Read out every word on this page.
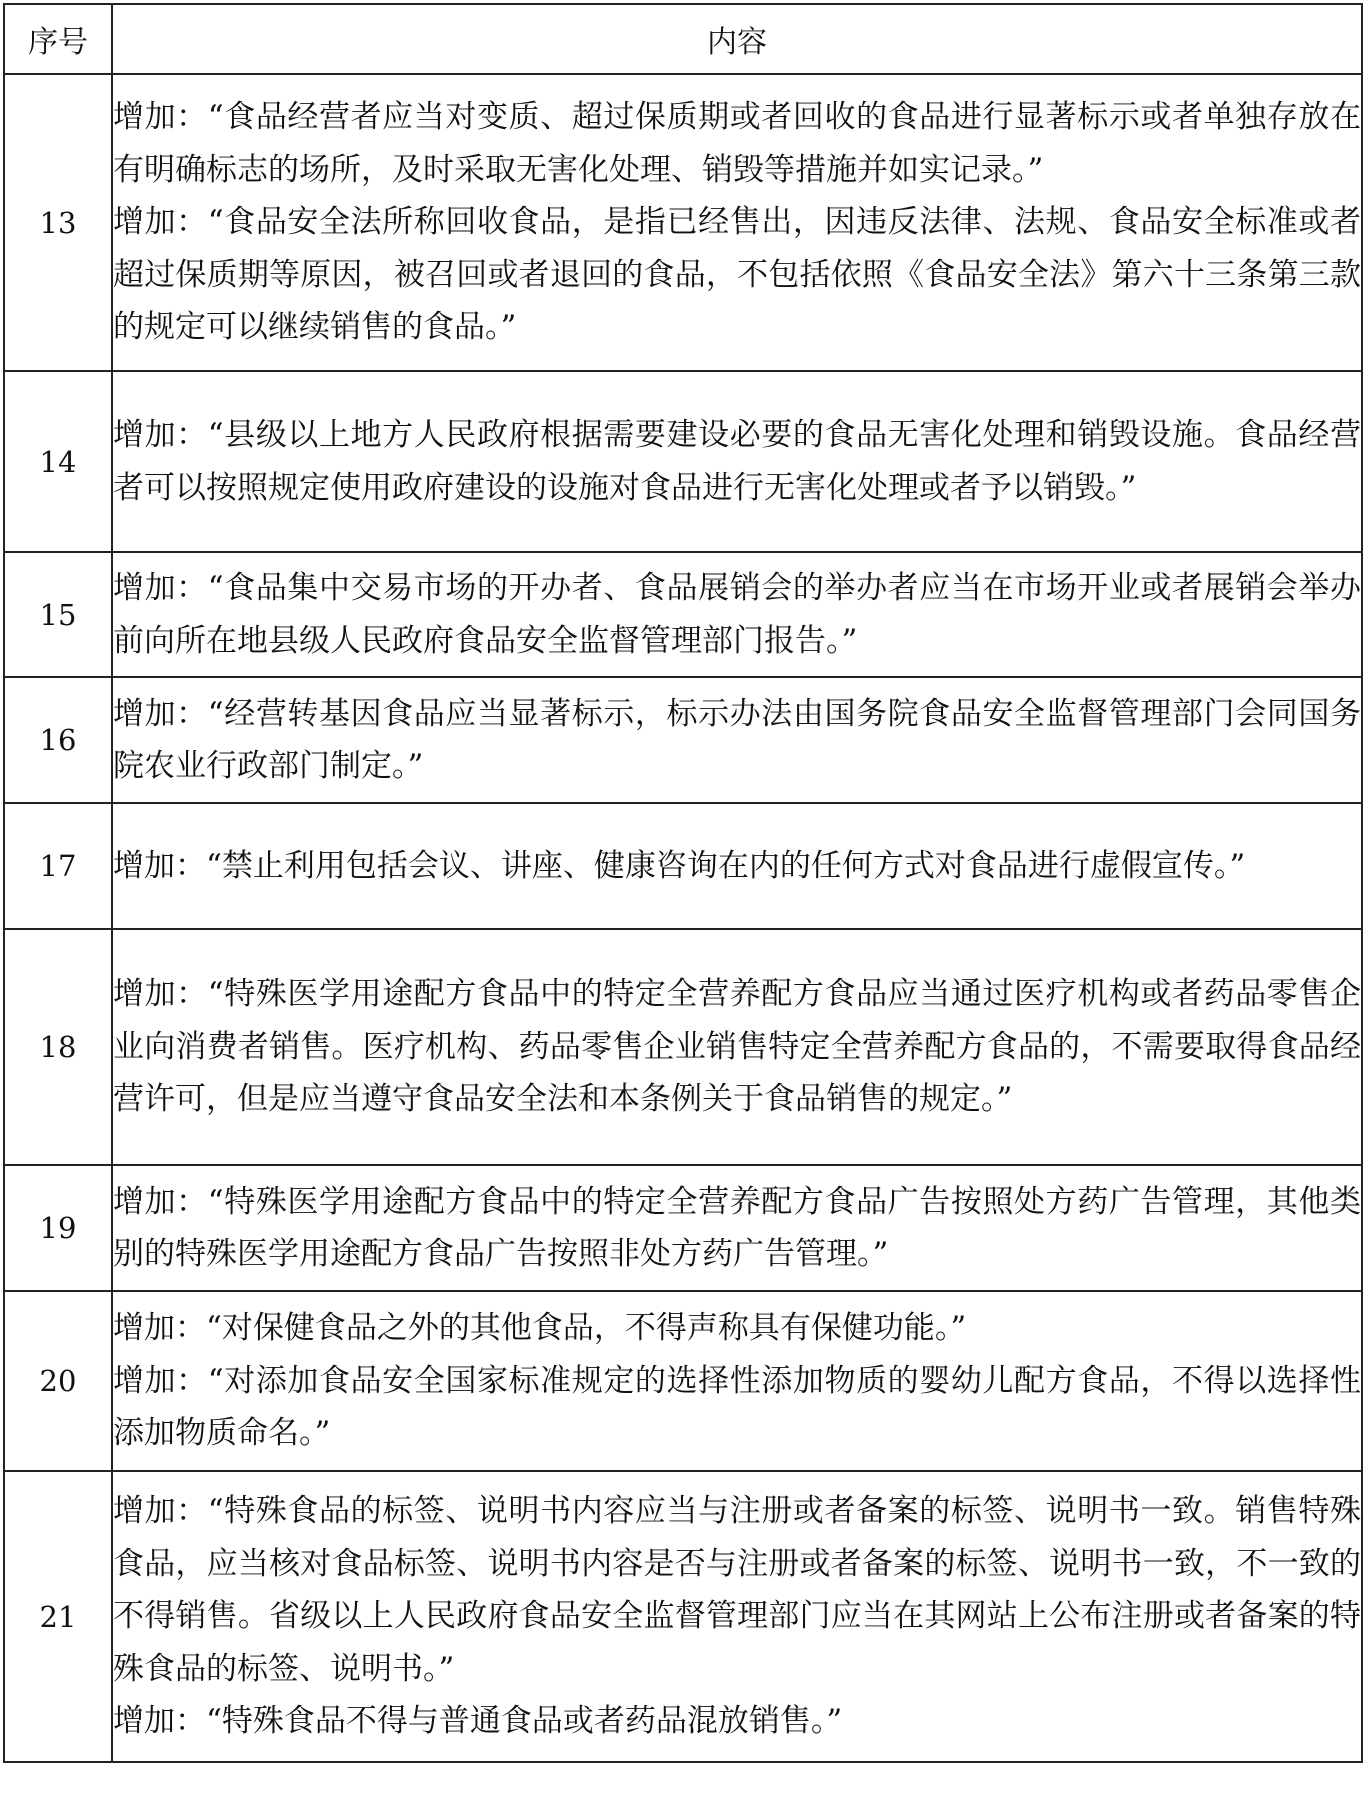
序号	内容
13	增加：“食品经营者应当对变质、超过保质期或者回收的食品进行显著标示或者单独存放在有明确标志的场所，及时采取无害化处理、销毁等措施并如实记录。”

增加：“食品安全法所称回收食品，是指已经售出，因违反法律、法规、食品安全标准或者超过保质期等原因，被召回或者退回的食品，不包括依照《食品安全法》第六十三条第三款的规定可以继续销售的食品。”

14	增加：“县级以上地方人民政府根据需要建设必要的食品无害化处理和销毁设施。食品经营者可以按照规定使用政府建设的设施对食品进行无害化处理或者予以销毁。”

15	增加：“食品集中交易市场的开办者、食品展销会的举办者应当在市场开业或者展销会举办前向所在地县级人民政府食品安全监督管理部门报告。”

16	增加：“经营转基因食品应当显著标示，标示办法由国务院食品安全监督管理部门会同国务院农业行政部门制定。”

17	增加：“禁止利用包括会议、讲座、健康咨询在内的任何方式对食品进行虚假宣传。”

18	增加：“特殊医学用途配方食品中的特定全营养配方食品应当通过医疗机构或者药品零售企业向消费者销售。医疗机构、药品零售企业销售特定全营养配方食品的，不需要取得食品经营许可，但是应当遵守食品安全法和本条例关于食品销售的规定。”

19	增加：“特殊医学用途配方食品中的特定全营养配方食品广告按照处方药广告管理，其他类别的特殊医学用途配方食品广告按照非处方药广告管理。”

20	增加：“对保健食品之外的其他食品，不得声称具有保健功能。”

增加：“对添加食品安全国家标准规定的选择性添加物质的婴幼儿配方食品，不得以选择性添加物质命名。”

21	增加：“特殊食品的标签、说明书内容应当与注册或者备案的标签、说明书一致。销售特殊食品，应当核对食品标签、说明书内容是否与注册或者备案的标签、说明书一致，不一致的不得销售。省级以上人民政府食品安全监督管理部门应当在其网站上公布注册或者备案的特殊食品的标签、说明书。”

增加：“特殊食品不得与普通食品或者药品混放销售。”
